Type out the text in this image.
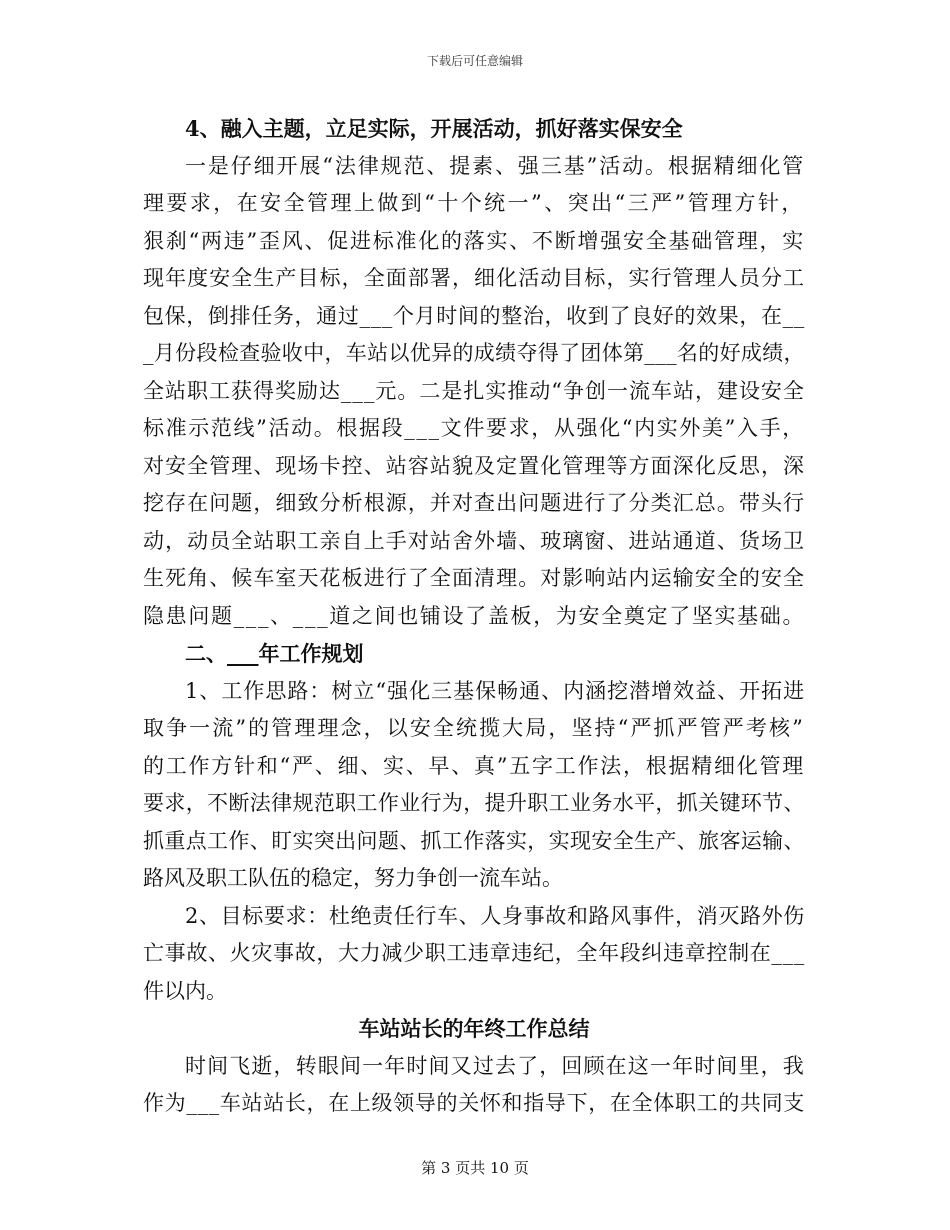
下载后可任意编辑
4、融入主题，立足实际，开展活动，抓好落实保安全
一是仔细开展“法律规范、提素、强三基”活动。根据精细化管
理要求，在安全管理上做到“十个统一”、突出“三严”管理方针，
狠刹“两违”歪风、促进标准化的落实、不断增强安全基础管理，实
现年度安全生产目标，全面部署，细化活动目标，实行管理人员分工
包保，倒排任务，通过___个月时间的整治，收到了良好的效果，在__
_月份段检查验收中，车站以优异的成绩夺得了团体第___名的好成绩，
全站职工获得奖励达___元。二是扎实推动“争创一流车站，建设安全
标准示范线”活动。根据段___文件要求，从强化“内实外美”入手，
对安全管理、现场卡控、站容站貌及定置化管理等方面深化反思，深
挖存在问题，细致分析根源，并对查出问题进行了分类汇总。带头行
动，动员全站职工亲自上手对站舍外墙、玻璃窗、进站通道、货场卫
生死角、候车室天花板进行了全面清理。对影响站内运输安全的安全
隐患问题___、___道之间也铺设了盖板，为安全奠定了坚实基础。
二、___年工作规划
1、工作思路：树立“强化三基保畅通、内涵挖潜增效益、开拓进
取争一流”的管理理念，以安全统揽大局，坚持“严抓严管严考核”
的工作方针和“严、细、实、早、真”五字工作法，根据精细化管理
要求，不断法律规范职工作业行为，提升职工业务水平，抓关键环节、
抓重点工作、盯实突出问题、抓工作落实，实现安全生产、旅客运输、
路风及职工队伍的稳定，努力争创一流车站。
2、目标要求：杜绝责任行车、人身事故和路风事件，消灭路外伤
亡事故、火灾事故，大力减少职工违章违纪，全年段纠违章控制在___
件以内。
车站站长的年终工作总结
时间飞逝，转眼间一年时间又过去了，回顾在这一年时间里，我
作为___车站站长，在上级领导的关怀和指导下，在全体职工的共同支
第 3 页共 10 页
